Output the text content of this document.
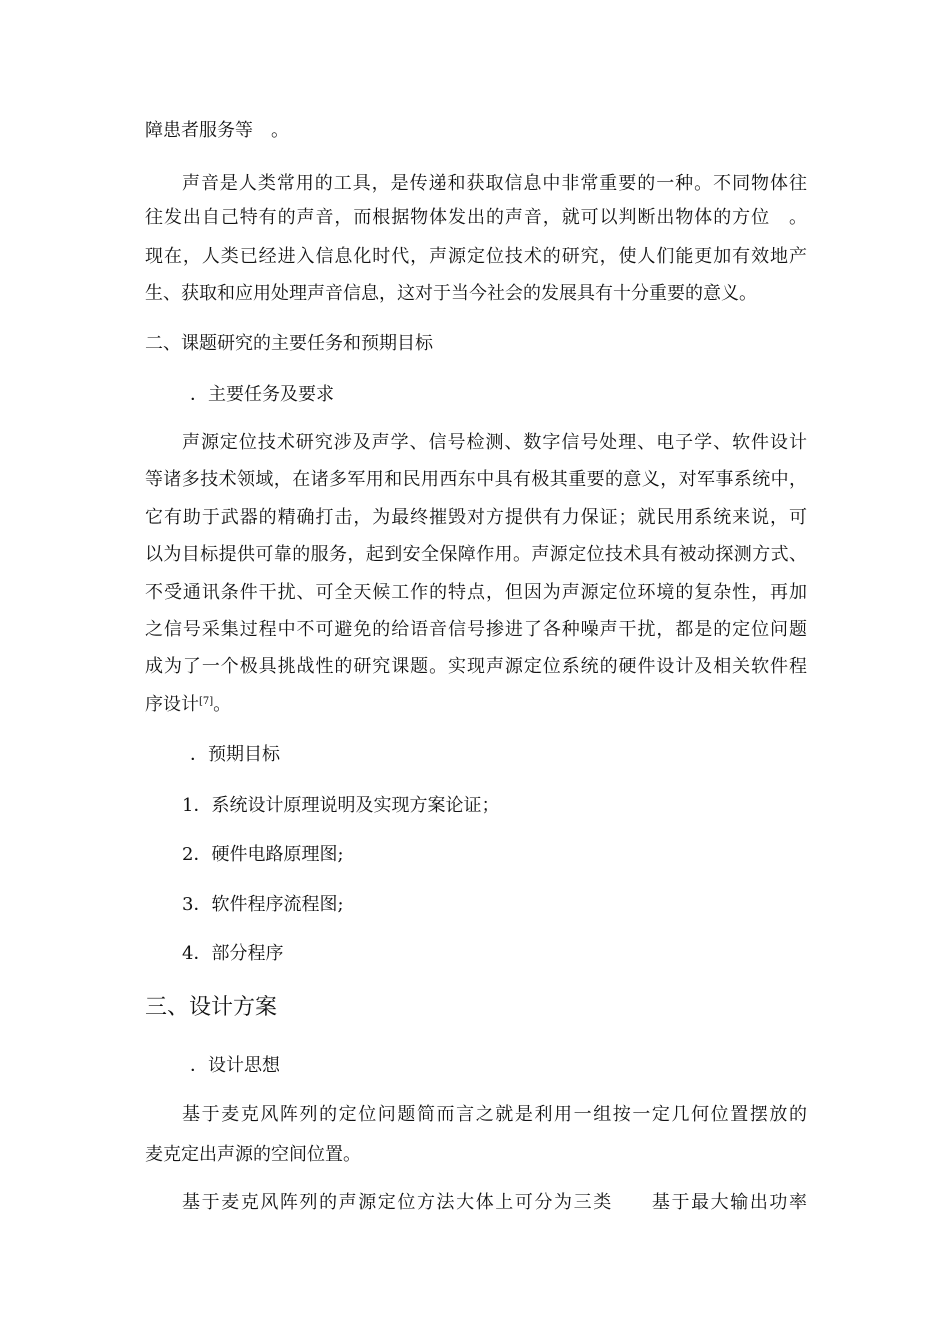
障患者服务等　。
声音是人类常用的工具，是传递和获取信息中非常重要的一种。不同物体往
往发出自己特有的声音，而根据物体发出的声音，就可以判断出物体的方位　。
现在，人类已经进入信息化时代，声源定位技术的研究，使人们能更加有效地产
生、获取和应用处理声音信息，这对于当今社会的发展具有十分重要的意义。
二、课题研究的主要任务和预期目标
．主要任务及要求
声源定位技术研究涉及声学、信号检测、数字信号处理、电子学、软件设计
等诸多技术领域，在诸多军用和民用西东中具有极其重要的意义，对军事系统中，
它有助于武器的精确打击，为最终摧毁对方提供有力保证；就民用系统来说，可
以为目标提供可靠的服务，起到安全保障作用。声源定位技术具有被动探测方式、
不受通讯条件干扰、可全天候工作的特点，但因为声源定位环境的复杂性，再加
之信号采集过程中不可避免的给语音信号掺进了各种噪声干扰，都是的定位问题
成为了一个极具挑战性的研究课题。实现声源定位系统的硬件设计及相关软件程
序设计[7]。
．预期目标
1．系统设计原理说明及实现方案论证；
2．硬件电路原理图;
3．软件程序流程图;
4．部分程序
三、设计方案
．设计思想
基于麦克风阵列的定位问题简而言之就是利用一组按一定几何位置摆放的
麦克定出声源的空间位置。
基于麦克风阵列的声源定位方法大体上可分为三类　　基于最大输出功率
